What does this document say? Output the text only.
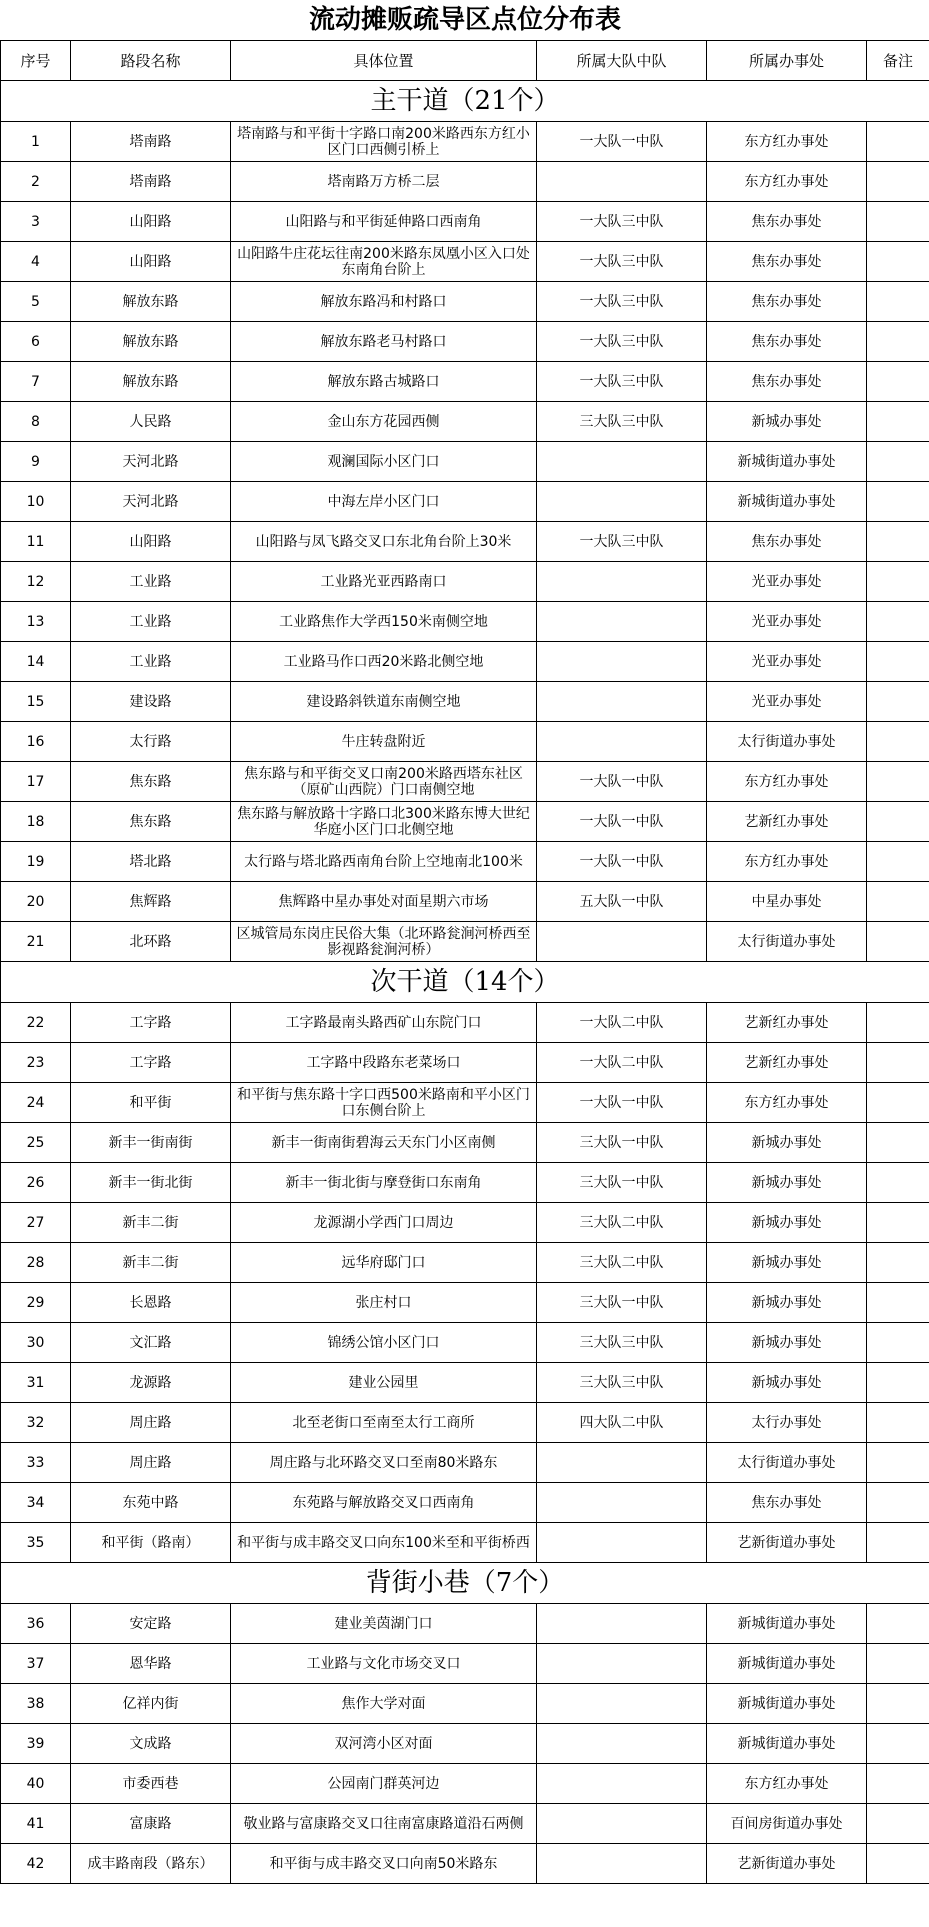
流动摊贩疏导区点位分布表					
序号	路段名称	具体位置	所属大队中队	所属办事处	备注
主干道（21个）					
1	塔南路	塔南路与和平街十字路口南200米路西东方红小区门口西侧引桥上	一大队一中队	东方红办事处	
2	塔南路	塔南路万方桥二层		东方红办事处	
3	山阳路	山阳路与和平街延伸路口西南角	一大队三中队	焦东办事处	
4	山阳路	山阳路牛庄花坛往南200米路东凤凰小区入口处东南角台阶上	一大队三中队	焦东办事处	
5	解放东路	解放东路冯和村路口	一大队三中队	焦东办事处	
6	解放东路	解放东路老马村路口	一大队三中队	焦东办事处	
7	解放东路	解放东路古城路口	一大队三中队	焦东办事处	
8	人民路	金山东方花园西侧	三大队三中队	新城办事处	
9	天河北路	观澜国际小区门口		新城街道办事处	
10	天河北路	中海左岸小区门口		新城街道办事处	
11	山阳路	山阳路与凤飞路交叉口东北角台阶上30米	一大队三中队	焦东办事处	
12	工业路	工业路光亚西路南口		光亚办事处	
13	工业路	工业路焦作大学西150米南侧空地		光亚办事处	
14	工业路	工业路马作口西20米路北侧空地		光亚办事处	
15	建设路	建设路斜铁道东南侧空地		光亚办事处	
16	太行路	牛庄转盘附近		太行街道办事处	
17	焦东路	焦东路与和平街交叉口南200米路西塔东社区（原矿山西院）门口南侧空地	一大队一中队	东方红办事处	
18	焦东路	焦东路与解放路十字路口北300米路东博大世纪华庭小区门口北侧空地	一大队一中队	艺新红办事处	
19	塔北路	太行路与塔北路西南角台阶上空地南北100米	一大队一中队	东方红办事处	
20	焦辉路	焦辉路中星办事处对面星期六市场	五大队一中队	中星办事处	
21	北环路	区城管局东岗庄民俗大集（北环路瓮涧河桥西至影视路瓮涧河桥）		太行街道办事处	
次干道（14个）					
22	工字路	工字路最南头路西矿山东院门口	一大队二中队	艺新红办事处	
23	工字路	工字路中段路东老菜场口	一大队二中队	艺新红办事处	
24	和平街	和平街与焦东路十字口西500米路南和平小区门口东侧台阶上	一大队一中队	东方红办事处	
25	新丰一街南街	新丰一街南街碧海云天东门小区南侧	三大队一中队	新城办事处	
26	新丰一街北街	新丰一街北街与摩登街口东南角	三大队一中队	新城办事处	
27	新丰二街	龙源湖小学西门口周边	三大队二中队	新城办事处	
28	新丰二街	远华府邸门口	三大队二中队	新城办事处	
29	长恩路	张庄村口	三大队一中队	新城办事处	
30	文汇路	锦绣公馆小区门口	三大队三中队	新城办事处	
31	龙源路	建业公园里	三大队三中队	新城办事处	
32	周庄路	北至老街口至南至太行工商所	四大队二中队	太行办事处	
33	周庄路	周庄路与北环路交叉口至南80米路东		太行街道办事处	
34	东苑中路	东苑路与解放路交叉口西南角		焦东办事处	
35	和平街（路南）	和平街与成丰路交叉口向东100米至和平街桥西		艺新街道办事处	
背街小巷（7个）					
36	安定路	建业美茵湖门口		新城街道办事处	
37	恩华路	工业路与文化市场交叉口		新城街道办事处	
38	亿祥内街	焦作大学对面		新城街道办事处	
39	文成路	双河湾小区对面		新城街道办事处	
40	市委西巷	公园南门群英河边		东方红办事处	
41	富康路	敬业路与富康路交叉口往南富康路道沿石两侧		百间房街道办事处	
42	成丰路南段（路东）	和平街与成丰路交叉口向南50米路东		艺新街道办事处	
